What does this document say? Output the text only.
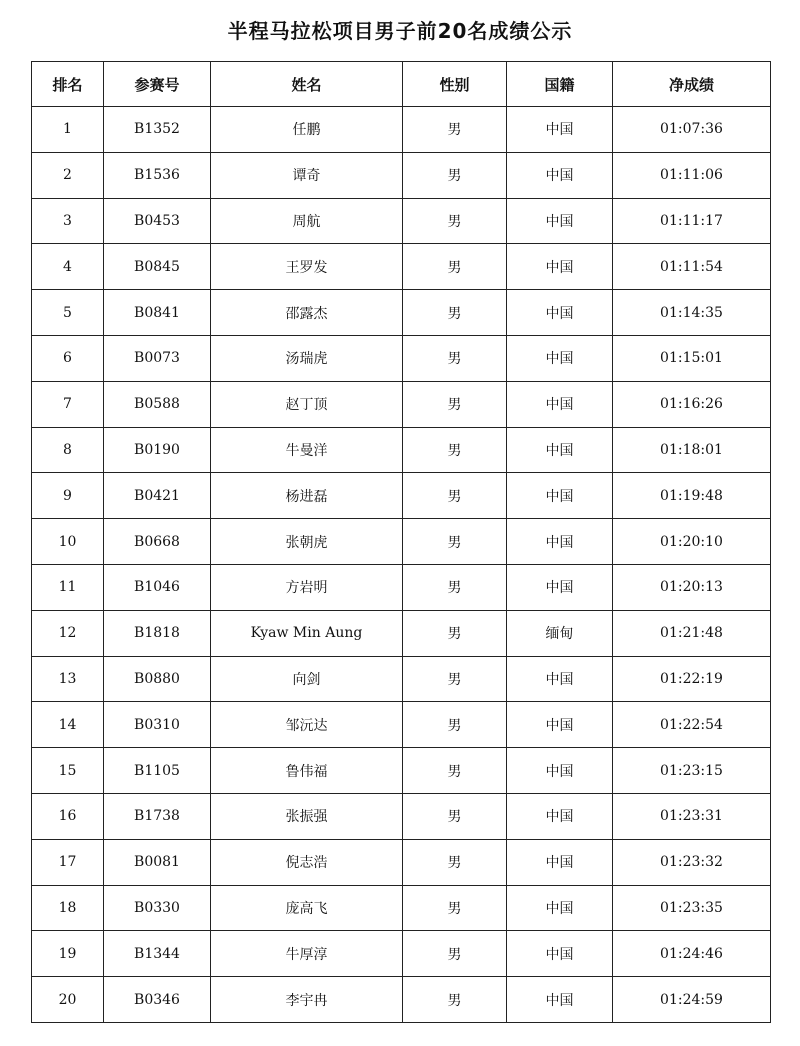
半程马拉松项目男子前20名成绩公示
排名	参赛号	姓名	性别	国籍	净成绩
1	B1352	任鹏	男	中国	01:07:36
2	B1536	谭奇	男	中国	01:11:06
3	B0453	周航	男	中国	01:11:17
4	B0845	王罗发	男	中国	01:11:54
5	B0841	邵露杰	男	中国	01:14:35
6	B0073	汤瑞虎	男	中国	01:15:01
7	B0588	赵丁顶	男	中国	01:16:26
8	B0190	牛曼洋	男	中国	01:18:01
9	B0421	杨进磊	男	中国	01:19:48
10	B0668	张朝虎	男	中国	01:20:10
11	B1046	方岩明	男	中国	01:20:13
12	B1818	Kyaw Min Aung	男	缅甸	01:21:48
13	B0880	向剑	男	中国	01:22:19
14	B0310	邹沅达	男	中国	01:22:54
15	B1105	鲁伟福	男	中国	01:23:15
16	B1738	张振强	男	中国	01:23:31
17	B0081	倪志浩	男	中国	01:23:32
18	B0330	庞高飞	男	中国	01:23:35
19	B1344	牛厚淳	男	中国	01:24:46
20	B0346	李宇冉	男	中国	01:24:59
